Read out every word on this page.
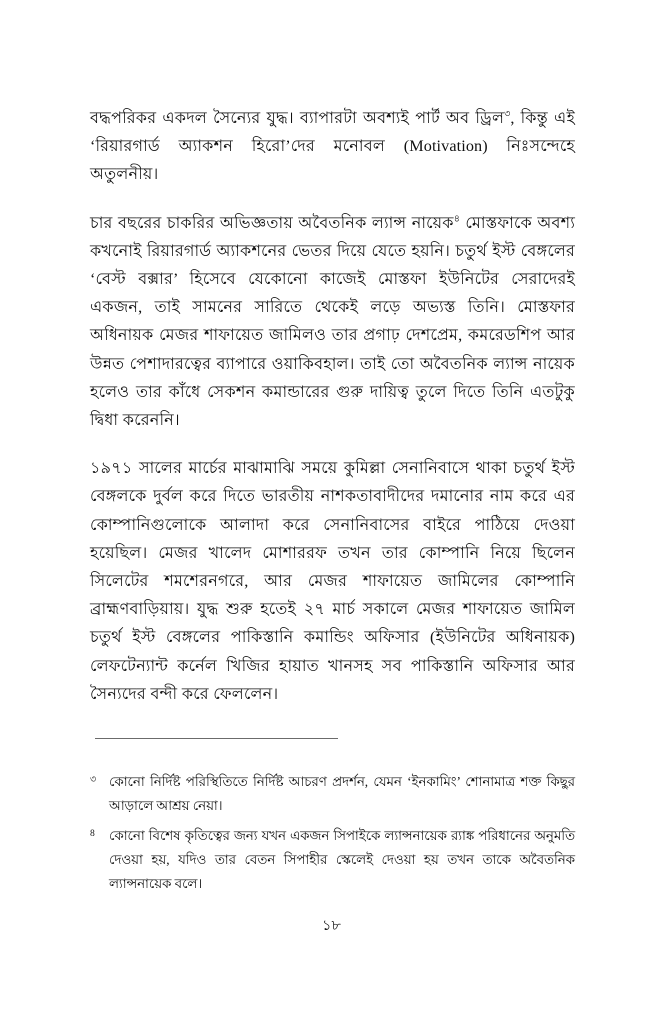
বদ্ধপরিকর একদল সৈন্যের যুদ্ধ। ব্যাপারটা অবশ্যই পার্ট অব ড্রিল$^৩$, কিন্তু এই ‘রিয়ারগার্ড অ্যাকশন হিরো’দের মনোবল (Motivation) নিঃসন্দেহে অতুলনীয়।

চার বছরের চাকরির অভিজ্ঞতায় অবৈতনিক ল্যান্স নায়েক$^৪$ মোস্তফাকে অবশ্য কখনোই রিয়ারগার্ড অ্যাকশনের ভেতর দিয়ে যেতে হয়নি। চতুর্থ ইস্ট বেঙ্গলের ‘বেস্ট বক্সার’ হিসেবে যেকোনো কাজেই মোস্তফা ইউনিটের সেরাদেরই একজন, তাই সামনের সারিতে থেকেই লড়ে অভ্যস্ত তিনি। মোস্তফার অধিনায়ক মেজর শাফায়েত জামিলও তার প্রগাঢ় দেশপ্রেম, কমরেডশিপ আর উন্নত পেশাদারত্বের ব্যাপারে ওয়াকিবহাল। তাই তো অবৈতনিক ল্যান্স নায়েক হলেও তার কাঁধে সেকশন কমান্ডারের গুরু দায়িত্ব তুলে দিতে তিনি এতটুকু দ্বিধা করেননি।

১৯৭১ সালের মার্চের মাঝামাঝি সময়ে কুমিল্লা সেনানিবাসে থাকা চতুর্থ ইস্ট বেঙ্গলকে দুর্বল করে দিতে ভারতীয় নাশকতাবাদীদের দমানোর নাম করে এর কোম্পানিগুলোকে আলাদা করে সেনানিবাসের বাইরে পাঠিয়ে দেওয়া হয়েছিল। মেজর খালেদ মোশাররফ তখন তার কোম্পানি নিয়ে ছিলেন সিলেটের শমশেরনগরে, আর মেজর শাফায়েত জামিলের কোম্পানি ব্রাহ্মণবাড়িয়ায়। যুদ্ধ শুরু হতেই ২৭ মার্চ সকালে মেজর শাফায়েত জামিল চতুর্থ ইস্ট বেঙ্গলের পাকিস্তানি কমান্ডিং অফিসার (ইউনিটের অধিনায়ক) লেফটেন্যান্ট কর্নেল খিজির হায়াত খানসহ সব পাকিস্তানি অফিসার আর সৈন্যদের বন্দী করে ফেললেন।

৩ কোনো নির্দিষ্ট পরিস্থিতিতে নির্দিষ্ট আচরণ প্রদর্শন, যেমন ‘ইনকামিং’ শোনামাত্র শক্ত কিছুর আড়ালে আশ্রয় নেয়া।
8 কোনো বিশেষ কৃতিত্বের জন্য যখন একজন সিপাইকে ল্যান্সনায়েক র‍্যাঙ্ক পরিধানের অনুমতি দেওয়া হয়, যদিও তার বেতন সিপাহীর স্কেলেই দেওয়া হয় তখন তাকে অবৈতনিক ল্যান্সনায়েক বলে।
১৮
